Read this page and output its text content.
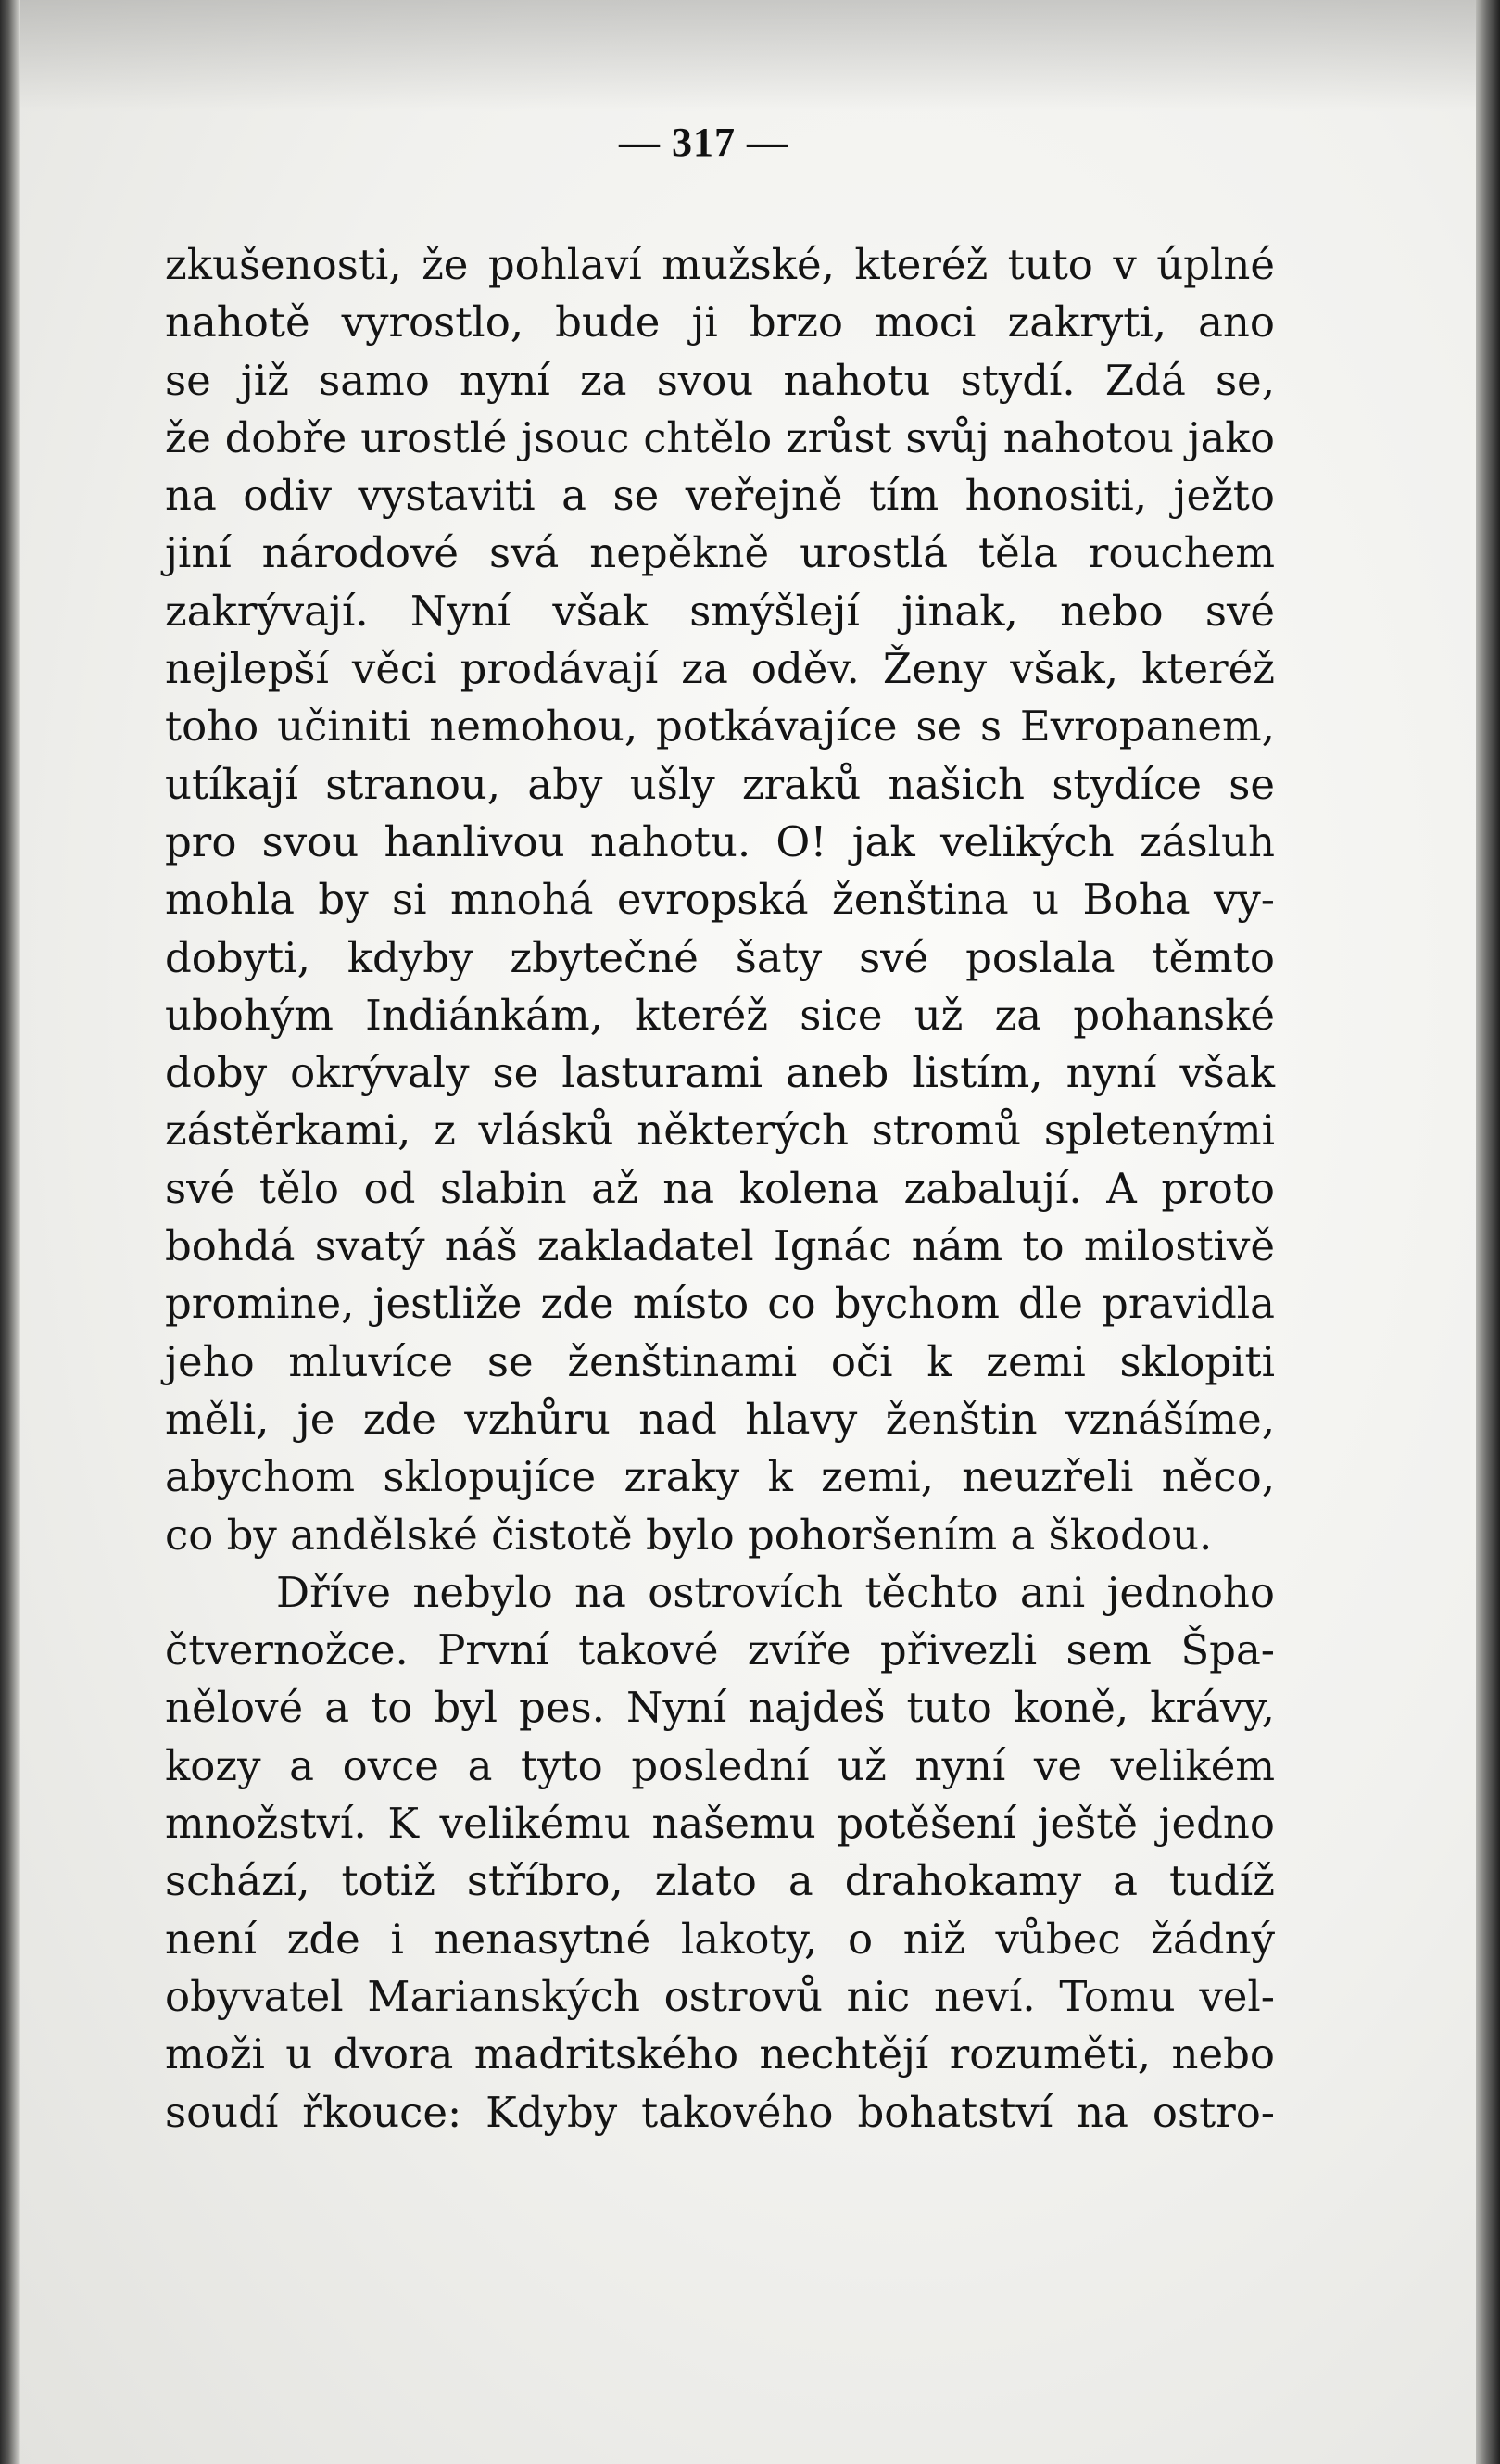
— 317 —
zkušenosti, že pohlaví mužské, kteréž tuto v úplné
nahotě vyrostlo, bude ji brzo moci zakryti, ano
se již samo nyní za svou nahotu stydí. Zdá se,
že dobře urostlé jsouc chtělo zrůst svůj nahotou jako
na odiv vystaviti a se veřejně tím honositi, ježto
jiní národové svá nepěkně urostlá těla rouchem
zakrývají. Nyní však smýšlejí jinak, nebo své
nejlepší věci prodávají za oděv. Ženy však, kteréž
toho učiniti nemohou, potkávajíce se s Evropanem,
utíkají stranou, aby ušly zraků našich stydíce se
pro svou hanlivou nahotu. O! jak velikých zásluh
mohla by si mnohá evropská ženština u Boha vy-
dobyti, kdyby zbytečné šaty své poslala těmto
ubohým Indiánkám, kteréž sice už za pohanské
doby okrývaly se lasturami aneb listím, nyní však
zástěrkami, z vlásků některých stromů spletenými
své tělo od slabin až na kolena zabalují. A proto
bohdá svatý náš zakladatel Ignác nám to milostivě
promine, jestliže zde místo co bychom dle pravidla
jeho mluvíce se ženštinami oči k zemi sklopiti
měli, je zde vzhůru nad hlavy ženštin vznášíme,
abychom sklopujíce zraky k zemi, neuzřeli něco,
co by andělské čistotě bylo pohoršením a škodou.
Dříve nebylo na ostrovích těchto ani jednoho
čtvernožce. První takové zvíře přivezli sem Špa-
nělové a to byl pes. Nyní najdeš tuto koně, krávy,
kozy a ovce a tyto poslední už nyní ve velikém
množství. K velikému našemu potěšení ještě jedno
schází, totiž stříbro, zlato a drahokamy a tudíž
není zde i nenasytné lakoty, o niž vůbec žádný
obyvatel Marianských ostrovů nic neví. Tomu vel-
moži u dvora madritského nechtějí rozuměti, nebo
soudí řkouce: Kdyby takového bohatství na ostro-
